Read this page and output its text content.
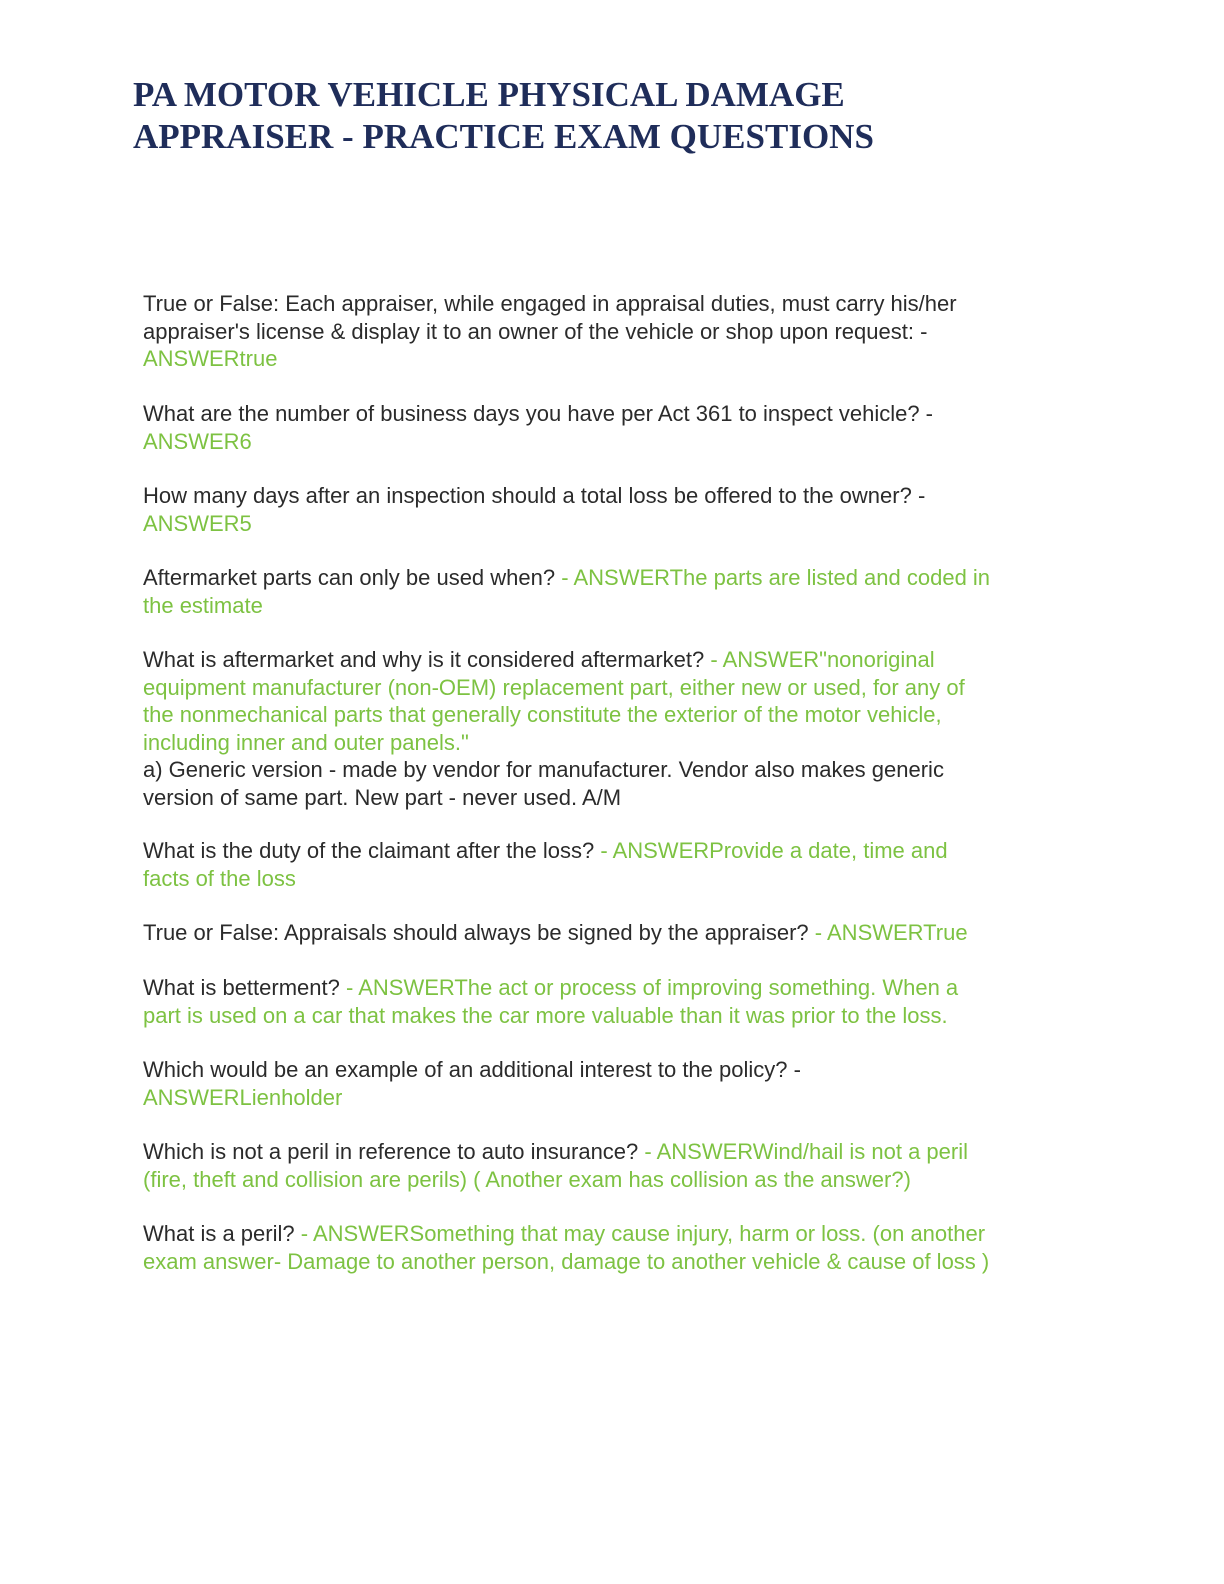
PA MOTOR VEHICLE PHYSICAL DAMAGE
APPRAISER - PRACTICE EXAM QUESTIONS
True or False: Each appraiser, while engaged in appraisal duties, must carry his/her
appraiser's license & display it to an owner of the vehicle or shop upon request: -
ANSWERtrue
What are the number of business days you have per Act 361 to inspect vehicle? -
ANSWER6
How many days after an inspection should a total loss be offered to the owner? -
ANSWER5
Aftermarket parts can only be used when? - ANSWERThe parts are listed and coded in
the estimate
What is aftermarket and why is it considered aftermarket? - ANSWER"nonoriginal
equipment manufacturer (non-OEM) replacement part, either new or used, for any of
the nonmechanical parts that generally constitute the exterior of the motor vehicle,
including inner and outer panels."
a) Generic version - made by vendor for manufacturer. Vendor also makes generic
version of same part. New part - never used. A/M
What is the duty of the claimant after the loss? - ANSWERProvide a date, time and
facts of the loss
True or False: Appraisals should always be signed by the appraiser? - ANSWERTrue
What is betterment? - ANSWERThe act or process of improving something. When a
part is used on a car that makes the car more valuable than it was prior to the loss.
Which would be an example of an additional interest to the policy? -
ANSWERLienholder
Which is not a peril in reference to auto insurance? - ANSWERWind/hail is not a peril
(fire, theft and collision are perils) ( Another exam has collision as the answer?)
What is a peril? - ANSWERSomething that may cause injury, harm or loss. (on another
exam answer- Damage to another person, damage to another vehicle & cause of loss )
